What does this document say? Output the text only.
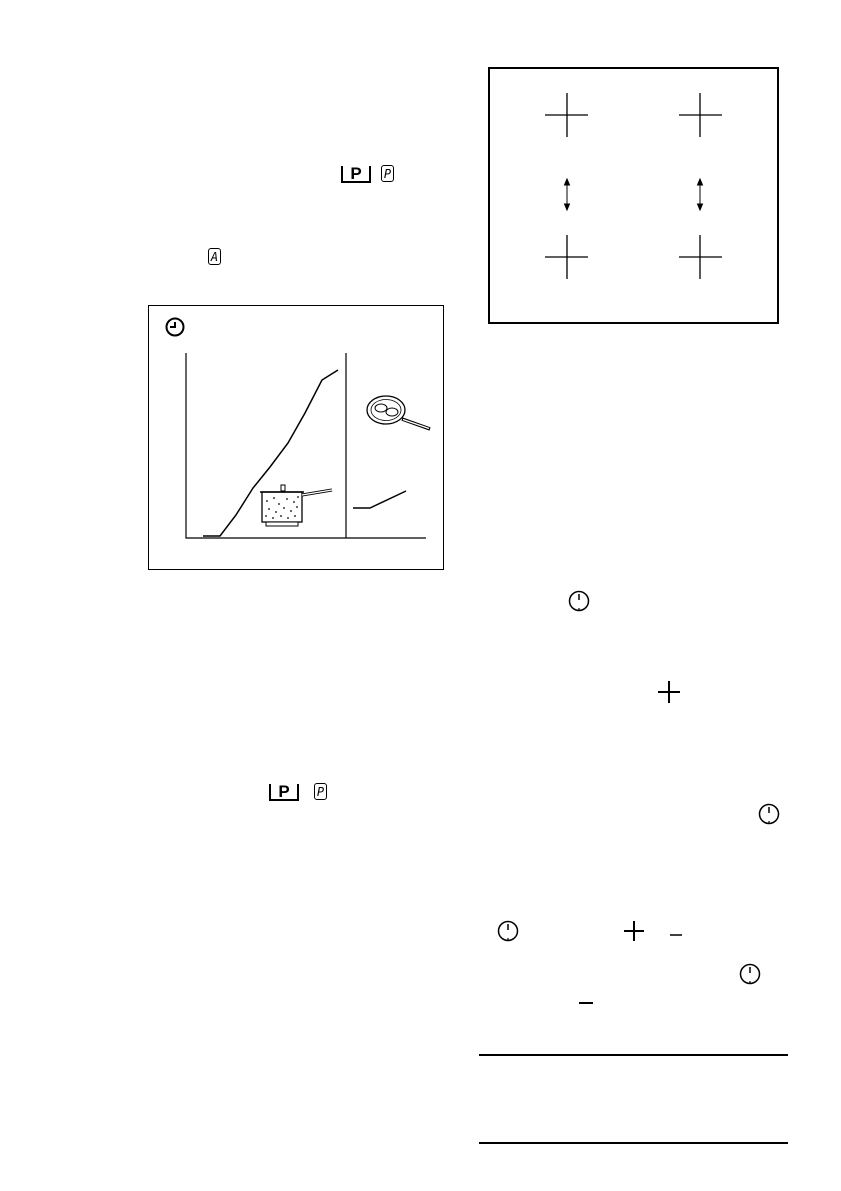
P P
A
P P
